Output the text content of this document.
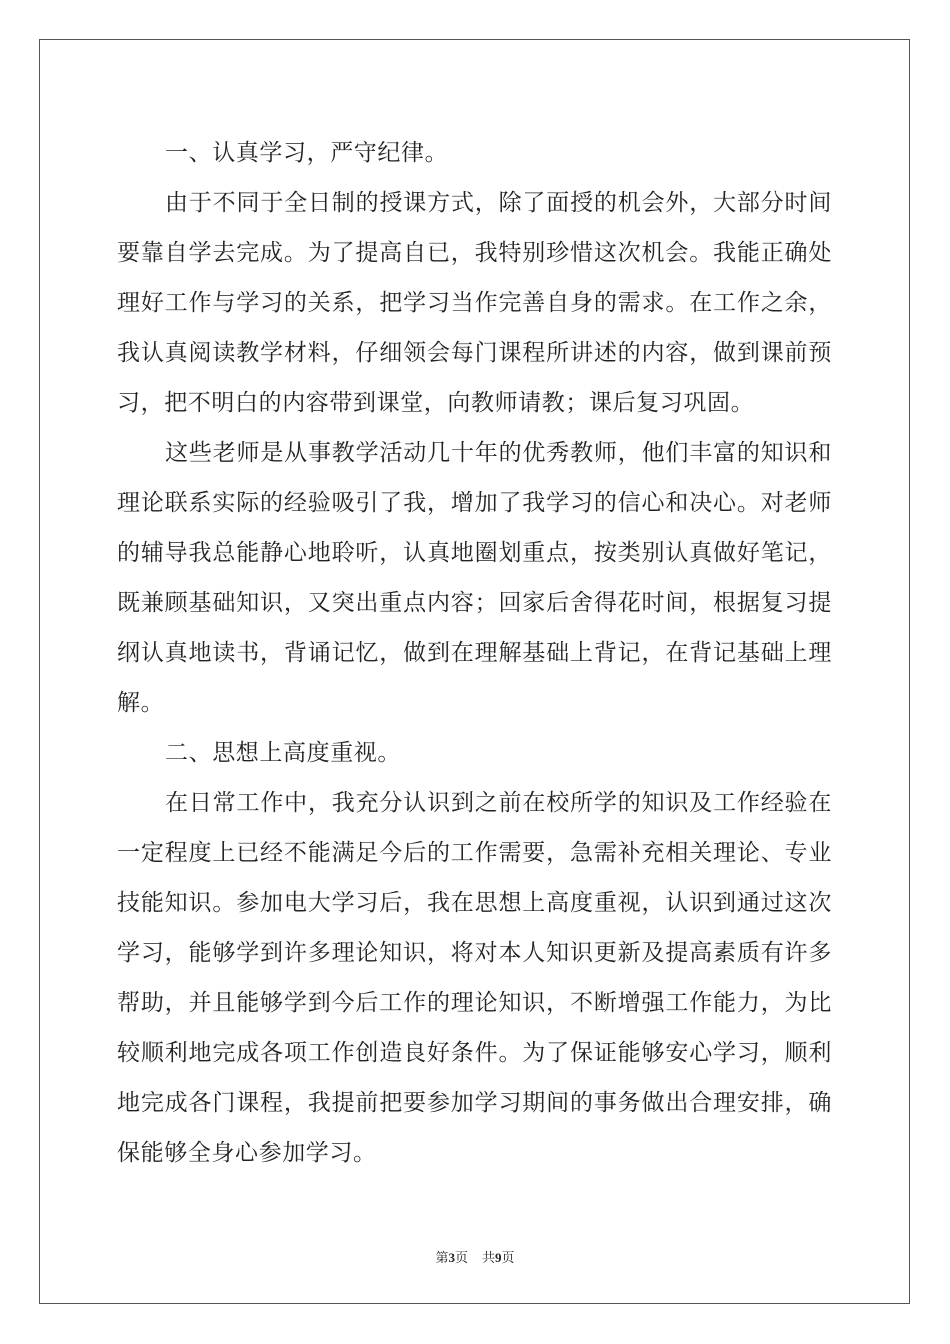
一、认真学习，严守纪律。

由于不同于全日制的授课方式，除了面授的机会外，大部分时间要靠自学去完成。为了提高自已，我特别珍惜这次机会。我能正确处理好工作与学习的关系，把学习当作完善自身的需求。在工作之余，我认真阅读教学材料，仔细领会每门课程所讲述的内容，做到课前预习，把不明白的内容带到课堂，向教师请教；课后复习巩固。

这些老师是从事教学活动几十年的优秀教师，他们丰富的知识和理论联系实际的经验吸引了我，增加了我学习的信心和决心。对老师的辅导我总能静心地聆听，认真地圈划重点，按类别认真做好笔记，既兼顾基础知识，又突出重点内容；回家后舍得花时间，根据复习提纲认真地读书，背诵记忆，做到在理解基础上背记，在背记基础上理解。

二、思想上高度重视。

在日常工作中，我充分认识到之前在校所学的知识及工作经验在一定程度上已经不能满足今后的工作需要，急需补充相关理论、专业技能知识。参加电大学习后，我在思想上高度重视，认识到通过这次学习，能够学到许多理论知识，将对本人知识更新及提高素质有许多帮助，并且能够学到今后工作的理论知识，不断增强工作能力，为比较顺利地完成各项工作创造良好条件。为了保证能够安心学习，顺利地完成各门课程，我提前把要参加学习期间的事务做出合理安排，确保能够全身心参加学习。

第3页 共9页
